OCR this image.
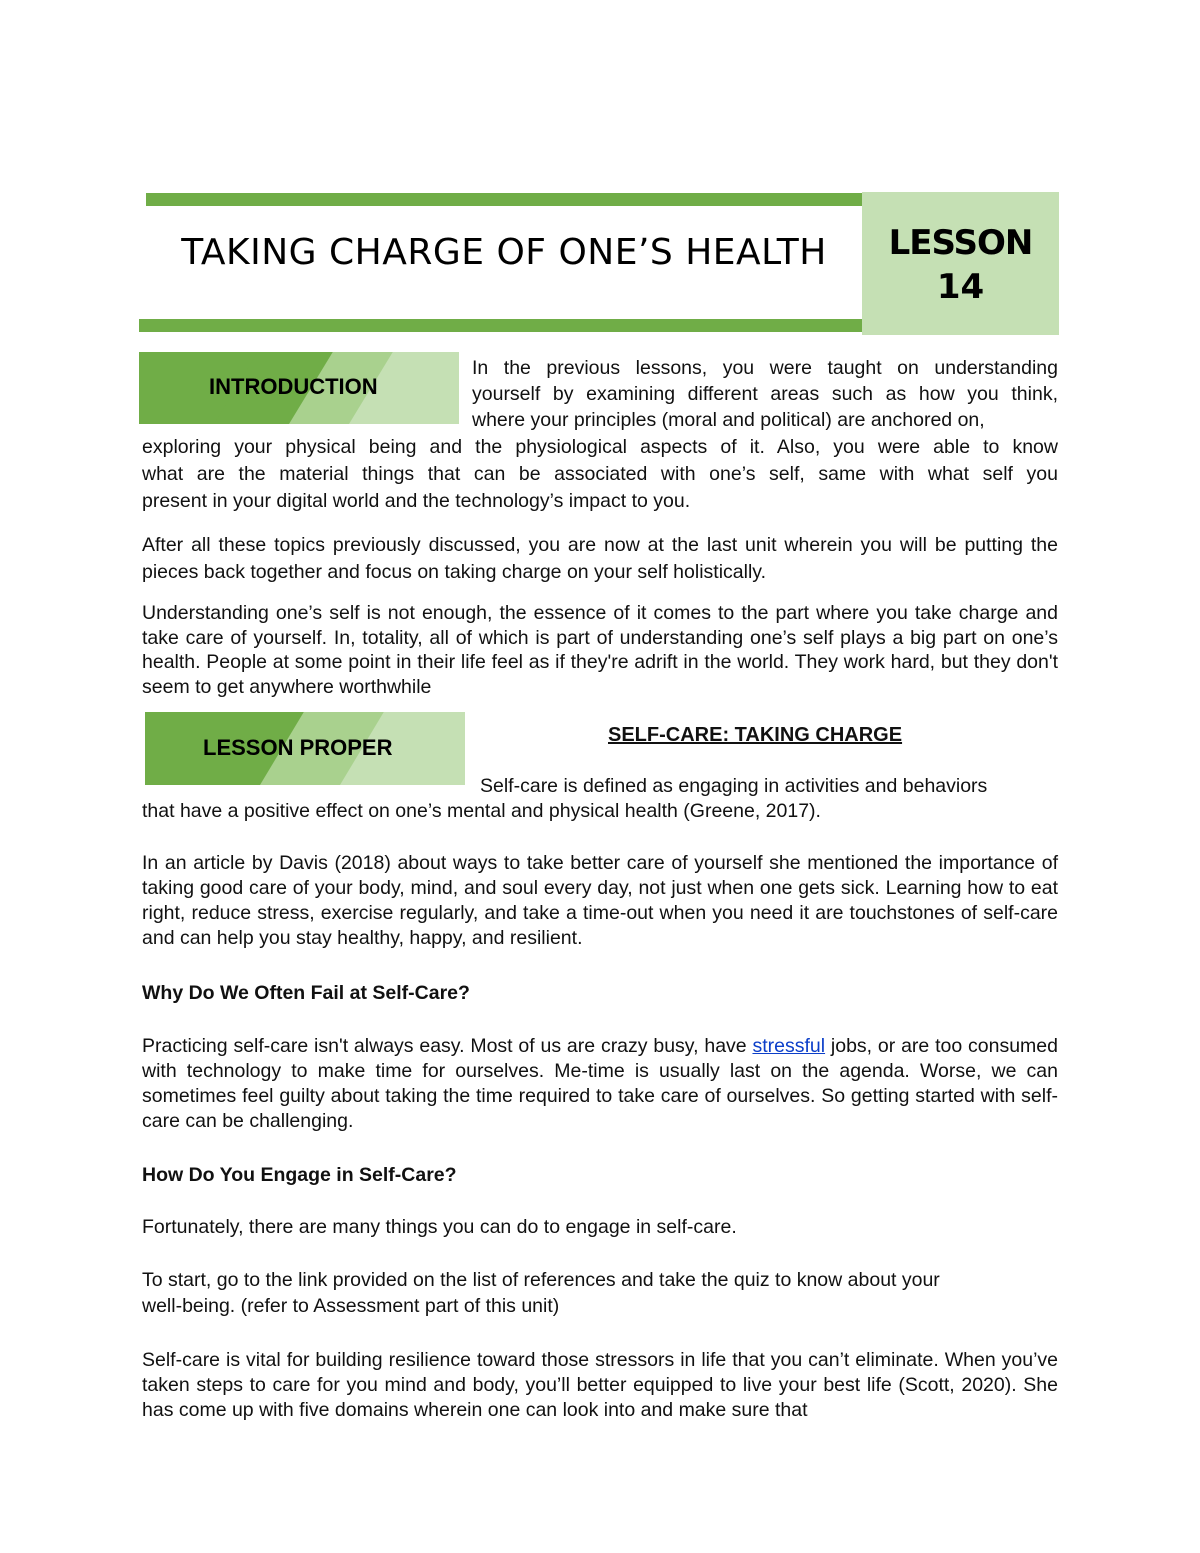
TAKING CHARGE OF ONE’S HEALTH	LESSON
14
INTRODUCTION

In the previous lessons, you were taught on understanding

yourself by examining different areas such as how you think,

where your principles (moral and political) are anchored on,

exploring your physical being and the physiological aspects of it. Also, you were able to know

what are the material things that can be associated with one’s self, same with what self you

present in your digital world and the technology’s impact to you.

After all these topics previously discussed, you are now at the last unit wherein you will be putting the pieces back together and focus on taking charge on your self holistically.

Understanding one’s self is not enough, the essence of it comes to the part where you take charge and take care of yourself. In, totality, all of which is part of understanding one’s self plays a big part on one’s health. People at some point in their life feel as if they're adrift in the world. They work hard, but they don't seem to get anywhere worthwhile

LESSON PROPER	SELF-CARE: TAKING CHARGE

Self-care is defined as engaging in activities and behaviors

that have a positive effect on one’s mental and physical health (Greene, 2017).

In an article by Davis (2018) about ways to take better care of yourself she mentioned the importance of taking good care of your body, mind, and soul every day, not just when one gets sick. Learning how to eat right, reduce stress, exercise regularly, and take a time-out when you need it are touchstones of self-care and can help you stay healthy, happy, and resilient.

Why Do We Often Fail at Self-Care?

Practicing self-care isn't always easy. Most of us are crazy busy, have stressful jobs, or are too consumed with technology to make time for ourselves. Me-time is usually last on the agenda. Worse, we can sometimes feel guilty about taking the time required to take care of ourselves. So getting started with self-care can be challenging.

How Do You Engage in Self-Care?

Fortunately, there are many things you can do to engage in self-care.

To start, go to the link provided on the list of references and take the quiz to know about your

well-being. (refer to Assessment part of this unit)

Self-care is vital for building resilience toward those stressors in life that you can’t eliminate. When you’ve taken steps to care for you mind and body, you’ll better equipped to live your best life (Scott, 2020). She has come up with five domains wherein one can look into and make sure that
